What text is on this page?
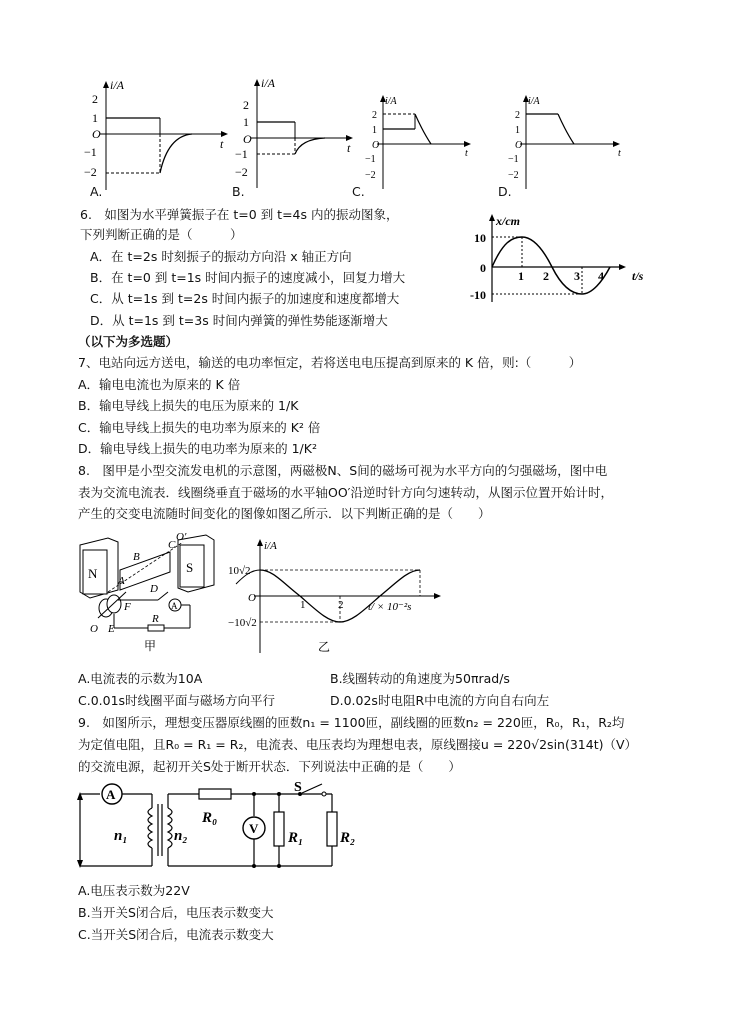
i/A
2
1
O
−1
−2
t
A.
i/A
2
1
O
−1
−2
t
B.
i/A
2
1
O
−1
−2
t
C.
i/A
2
1
O
−1
−2
t
D.
6.　如图为水平弹簧振子在 t=0 到 t=4s 内的振动图象，
下列判断正确的是（　　　）
A．在 t=2s 时刻振子的振动方向沿 x 轴正方向
B．在 t=0 到 t=1s 时间内振子的速度减小，回复力增大
C．从 t=1s 到 t=2s 时间内振子的加速度和速度都增大
D．从 t=1s 到 t=3s 时间内弹簧的弹性势能逐渐增大
x/cm
10
0
-10
1 2 3 4 t/s
（以下为多选题）
7、电站向远方送电，输送的电功率恒定，若将送电电压提高到原来的 K 倍，则:（　　　）
A．输电电流也为原来的 K 倍
B．输电导线上损失的电压为原来的 1/K
C．输电导线上损失的电功率为原来的 K² 倍
D．输电导线上损失的电功率为原来的 1/K²
8.　图甲是小型交流发电机的示意图，两磁极N、S间的磁场可视为水平方向的匀强磁场，图中电
表为交流电流表．线圈绕垂直于磁场的水平轴OO′沿逆时针方向匀速转动，从图示位置开始计时，
产生的交变电流随时间变化的图像如图乙所示．以下判断正确的是（　　）
N	S
A
B
C
O′
A
D
F
E
R
O
甲
i/A
10√2
O
−10√2
1	2 t/ × 10⁻²s
乙
A.电流表的示数为10A	B.线圈转动的角速度为50πrad/s
C.0.01s时线圈平面与磁场方向平行	D.0.02s时电阻R中电流的方向自右向左
9.　如图所示，理想变压器原线圈的匝数n₁ = 1100匝，副线圈的匝数n₂ = 220匝，R₀，R₁，R₂均
为定值电阻，且R₀ = R₁ = R₂，电流表、电压表均为理想电表，原线圈接u = 220√2sin(314t)（V）
的交流电源，起初开关S处于断开状态．下列说法中正确的是（　　）
A
V
S
n₁	n₂
R₀
R₁ R₂
A.电压表示数为22V
B.当开关S闭合后，电压表示数变大
C.当开关S闭合后，电流表示数变大
